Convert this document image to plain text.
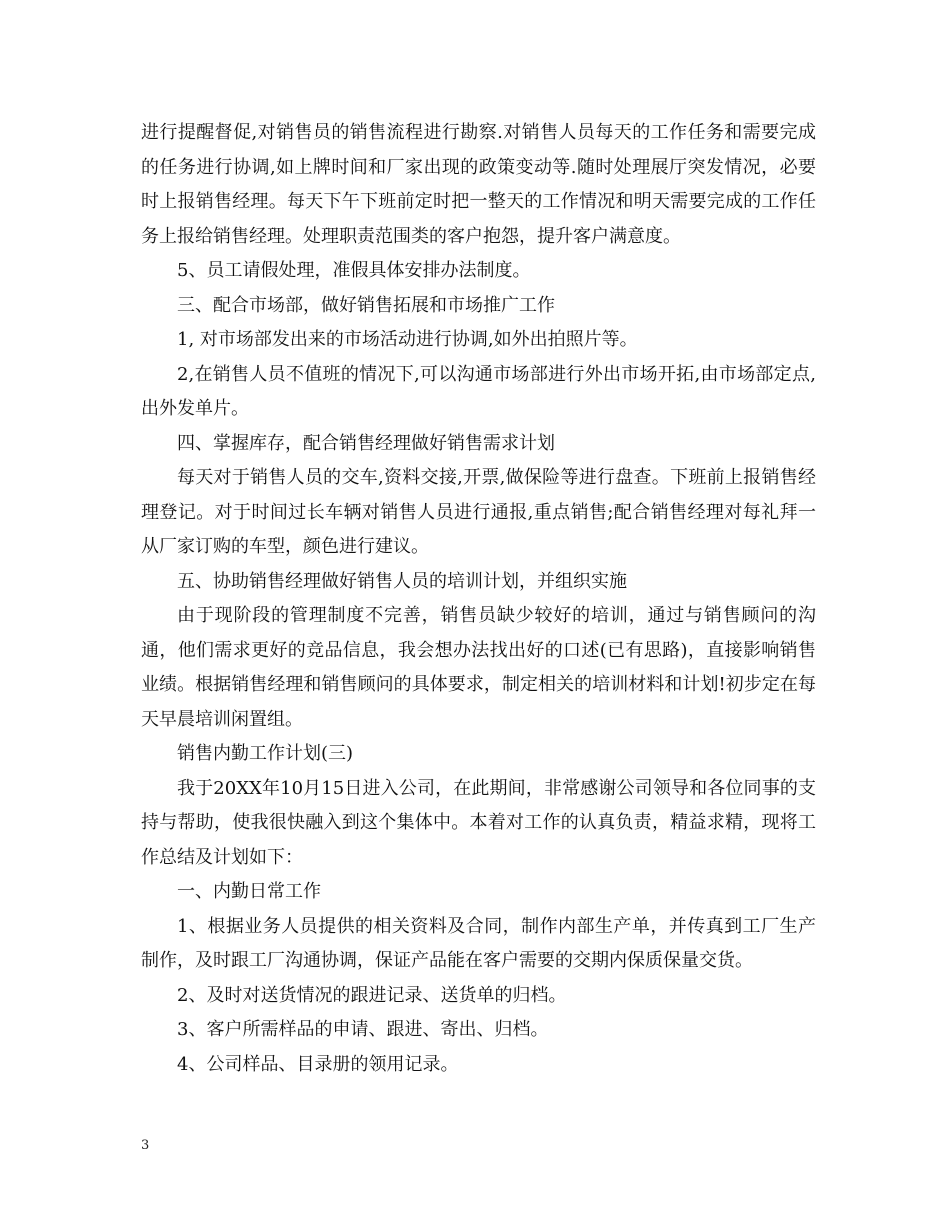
进行提醒督促,对销售员的销售流程进行勘察.对销售人员每天的工作任务和需要完成的任务进行协调,如上牌时间和厂家出现的政策变动等.随时处理展厅突发情况，必要时上报销售经理。每天下午下班前定时把一整天的工作情况和明天需要完成的工作任务上报给销售经理。处理职责范围类的客户抱怨，提升客户满意度。

5、员工请假处理，准假具体安排办法制度。

三、配合市场部，做好销售拓展和市场推广工作

1, 对市场部发出来的市场活动进行协调,如外出拍照片等。

2,在销售人员不值班的情况下,可以沟通市场部进行外出市场开拓,由市场部定点,出外发单片。

四、掌握库存，配合销售经理做好销售需求计划

每天对于销售人员的交车,资料交接,开票,做保险等进行盘查。下班前上报销售经理登记。对于时间过长车辆对销售人员进行通报,重点销售;配合销售经理对每礼拜一从厂家订购的车型，颜色进行建议。

五、协助销售经理做好销售人员的培训计划，并组织实施

由于现阶段的管理制度不完善，销售员缺少较好的培训，通过与销售顾问的沟通，他们需求更好的竞品信息，我会想办法找出好的口述(已有思路)，直接影响销售业绩。根据销售经理和销售顾问的具体要求，制定相关的培训材料和计划!初步定在每天早晨培训闲置组。

销售内勤工作计划(三)

我于20XX年10月15日进入公司，在此期间，非常感谢公司领导和各位同事的支持与帮助，使我很快融入到这个集体中。本着对工作的认真负责，精益求精，现将工作总结及计划如下：

一、内勤日常工作

1、根据业务人员提供的相关资料及合同，制作内部生产单，并传真到工厂生产制作，及时跟工厂沟通协调，保证产品能在客户需要的交期内保质保量交货。

2、及时对送货情况的跟进记录、送货单的归档。

3、客户所需样品的申请、跟进、寄出、归档。

4、公司样品、目录册的领用记录。

3
